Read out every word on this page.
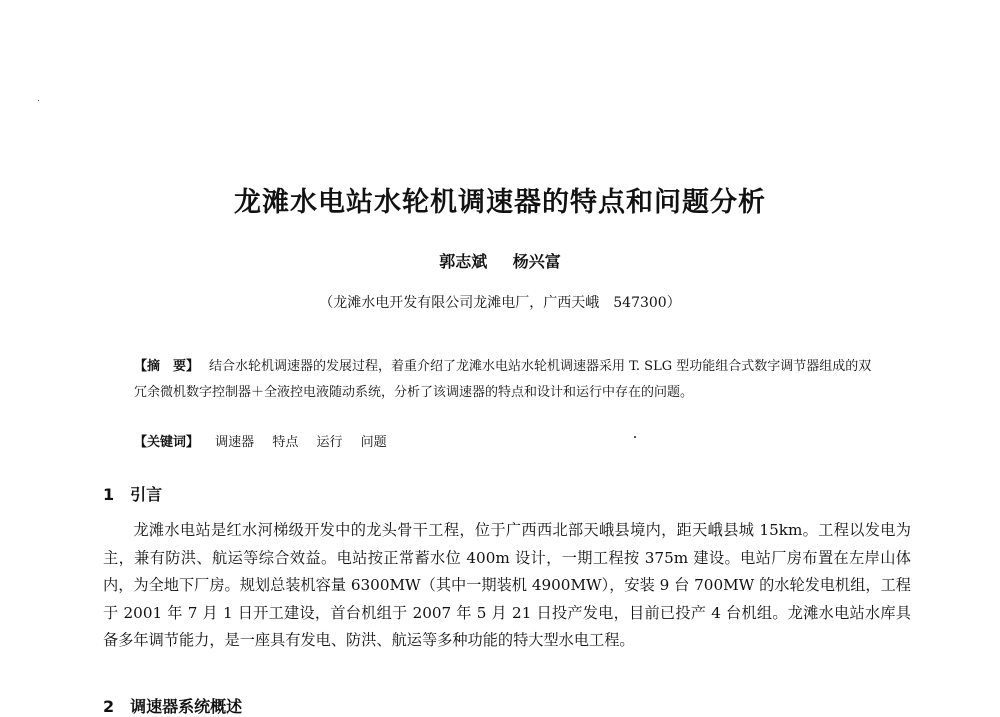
龙滩水电站水轮机调速器的特点和问题分析
郭志斌 杨兴富
（龙滩水电开发有限公司龙滩电厂，广西天峨　547300）
【摘　要】 结合水轮机调速器的发展过程，着重介绍了龙滩水电站水轮机调速器采用 T. SLG 型功能组合式数字调节器组成的双冗余微机数字控制器＋全液控电液随动系统，分析了该调速器的特点和设计和运行中存在的问题。
【关键词】 调速器 特点 运行 问题
1 引言
龙滩水电站是红水河梯级开发中的龙头骨干工程，位于广西西北部天峨县境内，距天峨县城 15km。工程以发电为主，兼有防洪、航运等综合效益。电站按正常蓄水位 400m 设计，一期工程按 375m 建设。电站厂房布置在左岸山体内，为全地下厂房。规划总装机容量 6300MW（其中一期装机 4900MW），安装 9 台 700MW 的水轮发电机组，工程于 2001 年 7 月 1 日开工建设，首台机组于 2007 年 5 月 21 日投产发电，目前已投产 4 台机组。龙滩水电站水库具备多年调节能力，是一座具有发电、防洪、航运等多种功能的特大型水电工程。
2 调速器系统概述
